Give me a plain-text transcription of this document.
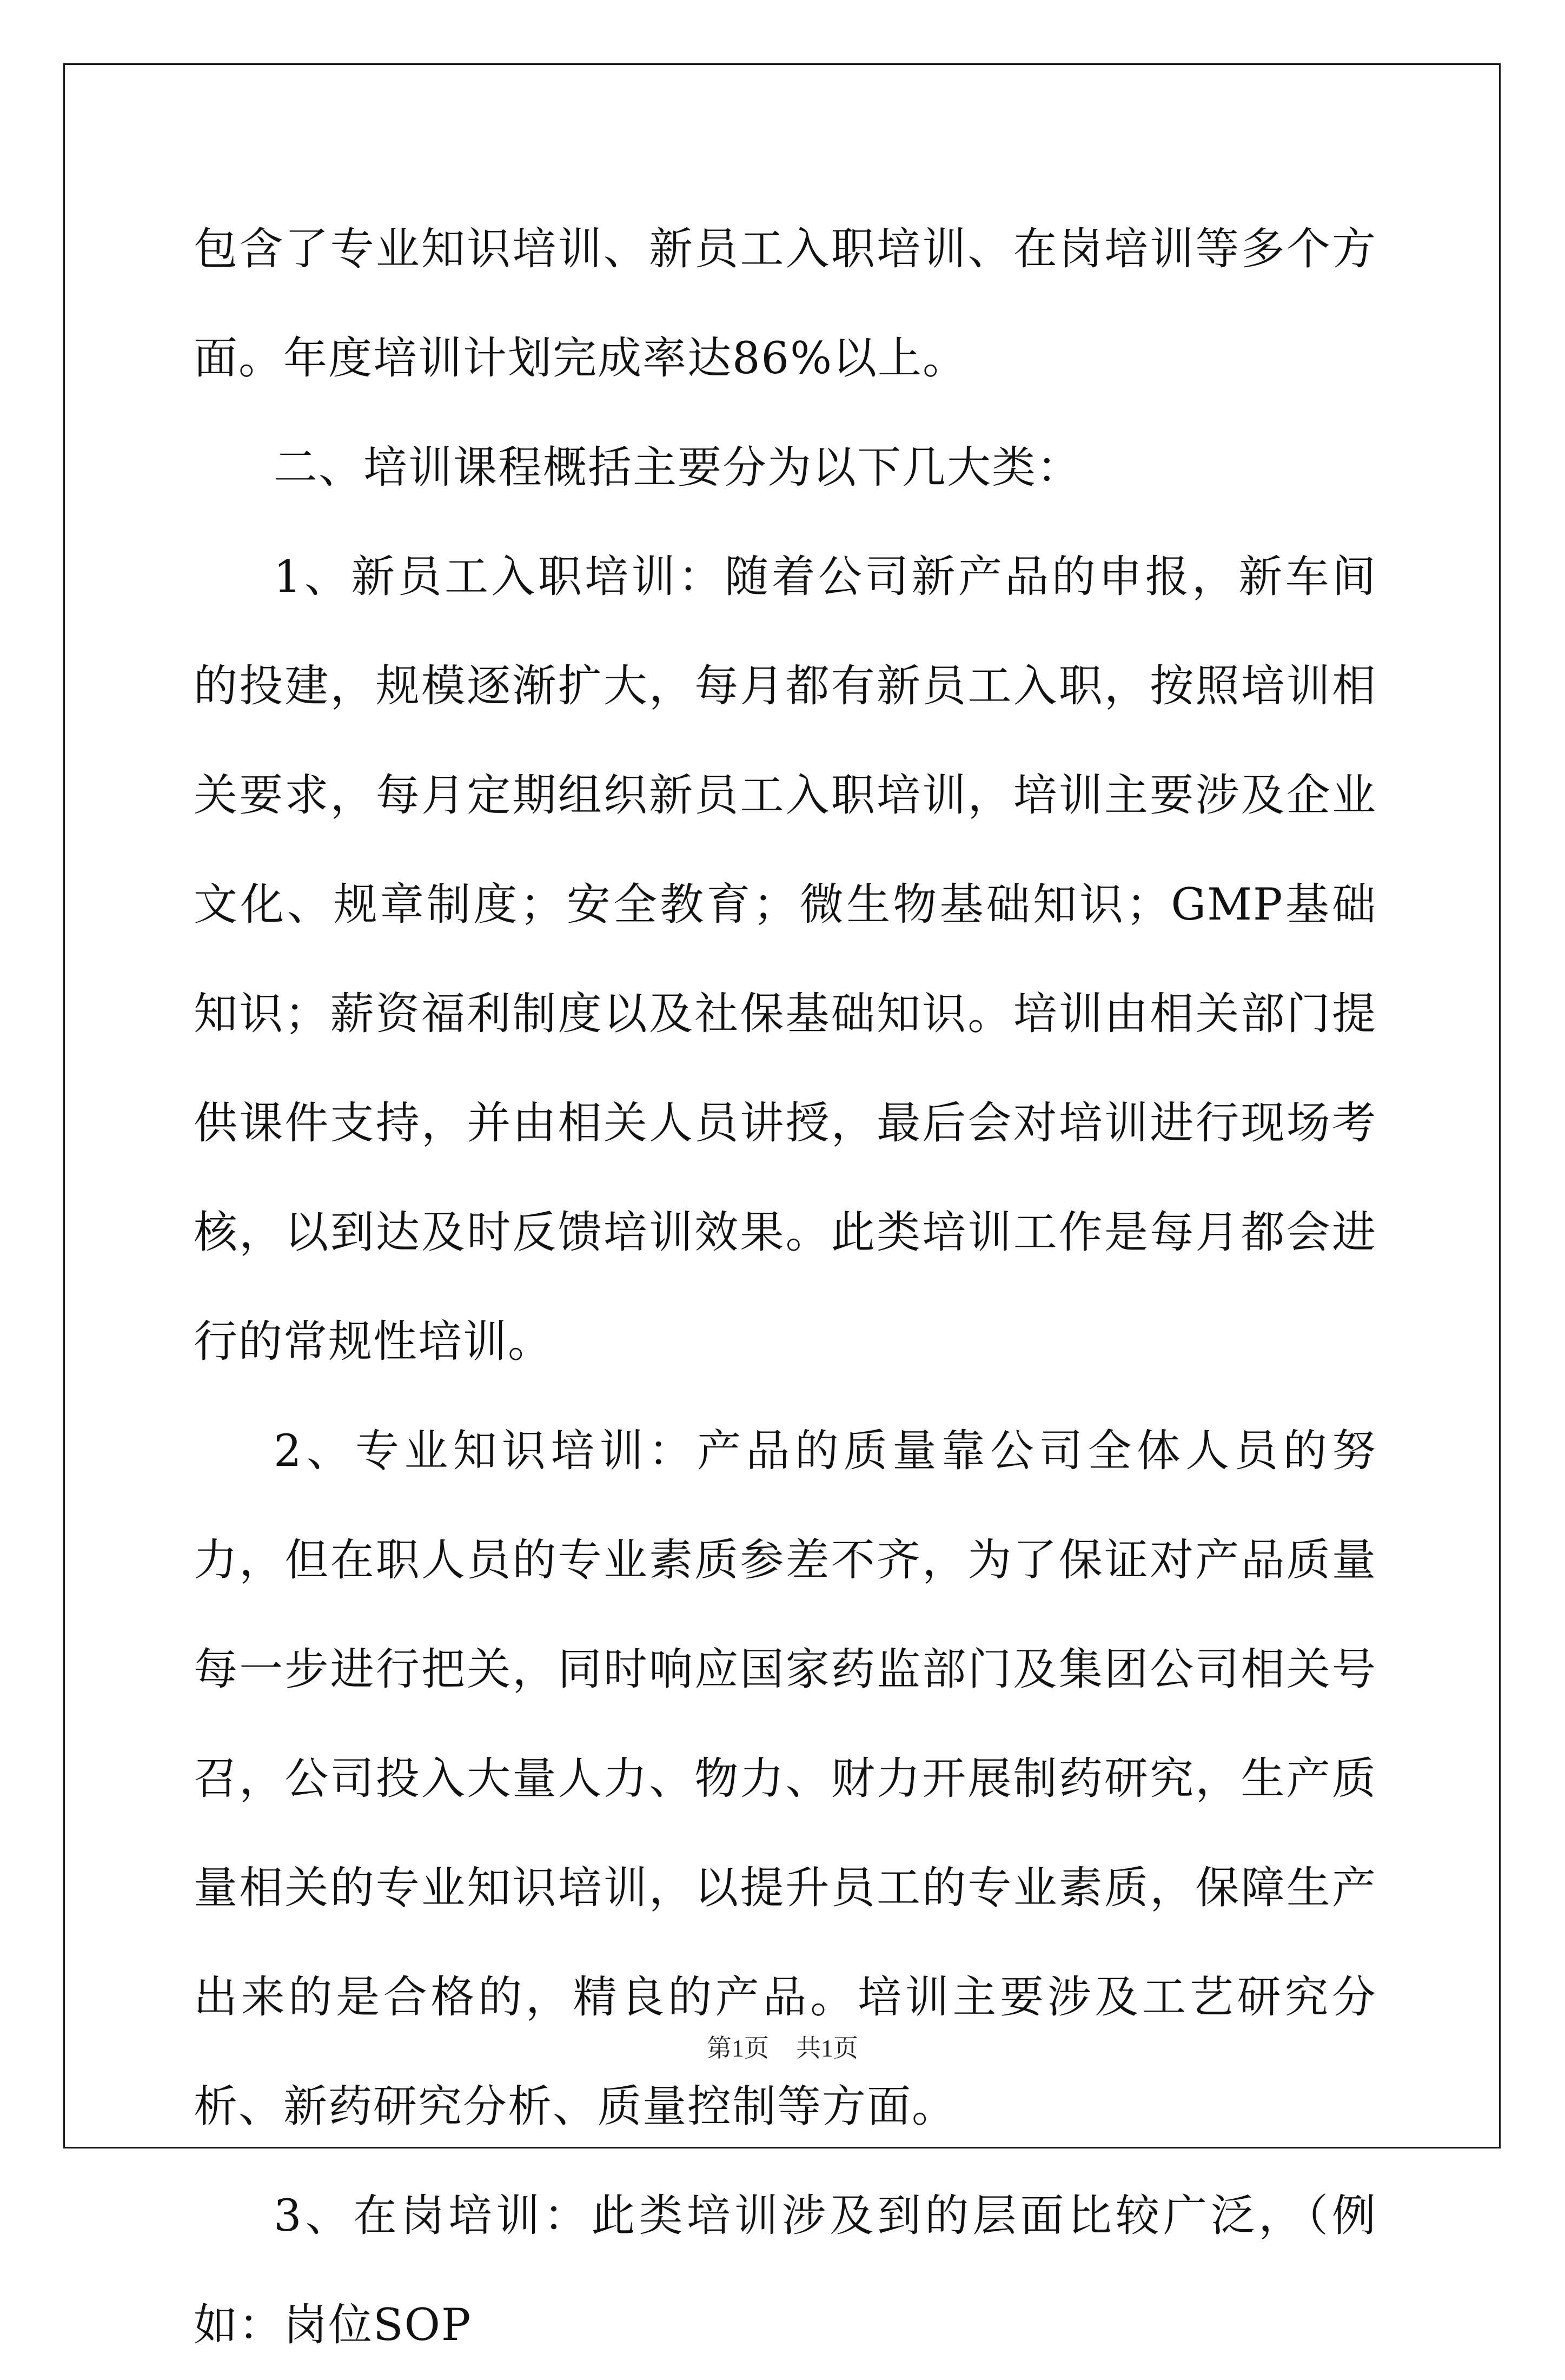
包含了专业知识培训、新员工入职培训、在岗培训等多个方面。年度培训计划完成率达86%以上。

二、培训课程概括主要分为以下几大类：

1、新员工入职培训：随着公司新产品的申报，新车间的投建，规模逐渐扩大，每月都有新员工入职，按照培训相关要求，每月定期组织新员工入职培训，培训主要涉及企业文化、规章制度；安全教育；微生物基础知识；GMP基础知识；薪资福利制度以及社保基础知识。培训由相关部门提供课件支持，并由相关人员讲授，最后会对培训进行现场考核，以到达及时反馈培训效果。此类培训工作是每月都会进行的常规性培训。

2、专业知识培训：产品的质量靠公司全体人员的努力，但在职人员的专业素质参差不齐，为了保证对产品质量每一步进行把关，同时响应国家药监部门及集团公司相关号召，公司投入大量人力、物力、财力开展制药研究，生产质量相关的专业知识培训，以提升员工的专业素质，保障生产出来的是合格的，精良的产品。培训主要涉及工艺研究分析、新药研究分析、质量控制等方面。

3、在岗培训：此类培训涉及到的层面比较广泛，（例如：岗位SOP

第1页 共1页
